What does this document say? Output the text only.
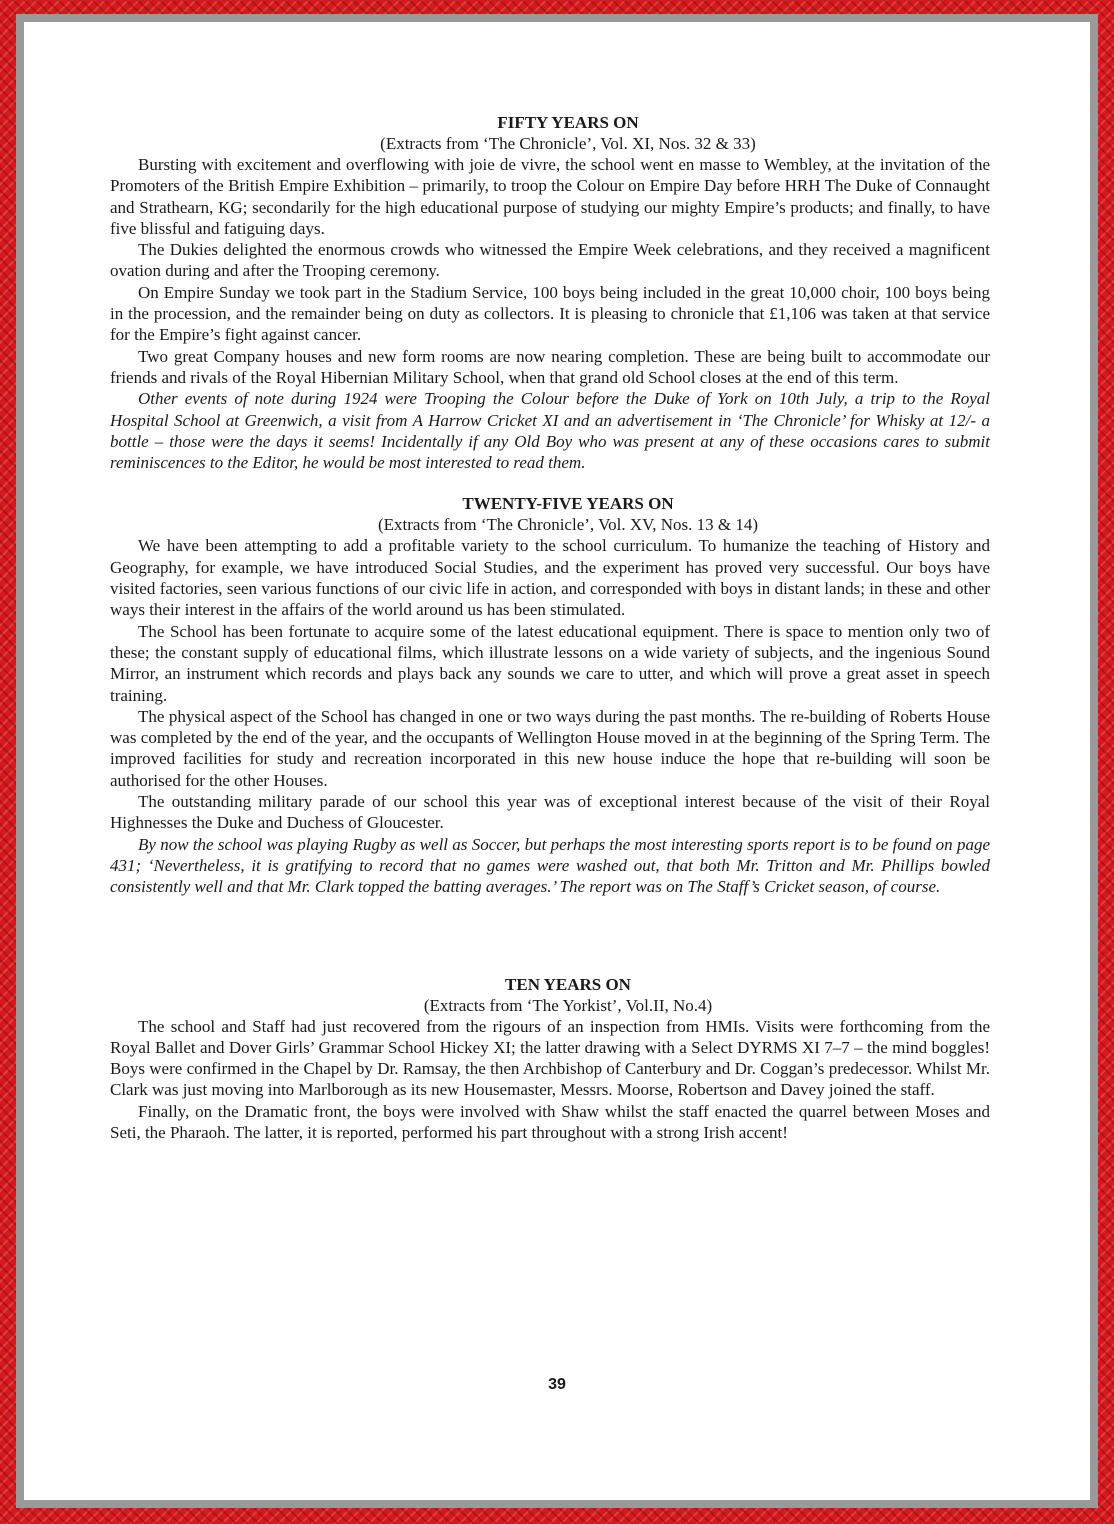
FIFTY YEARS ON
(Extracts from ‘The Chronicle’, Vol. XI, Nos. 32 & 33)

Bursting with excitement and overflowing with joie de vivre, the school went en masse to Wembley, at the invitation of the Promoters of the British Empire Exhibition – primarily, to troop the Colour on Empire Day before HRH The Duke of Connaught and Strathearn, KG; secondarily for the high educational purpose of studying our mighty Empire’s products; and finally, to have five blissful and fatiguing days.

The Dukies delighted the enormous crowds who witnessed the Empire Week celebrations, and they received a magnificent ovation during and after the Trooping ceremony.

On Empire Sunday we took part in the Stadium Service, 100 boys being included in the great 10,000 choir, 100 boys being in the procession, and the remainder being on duty as collectors. It is pleasing to chronicle that £1,106 was taken at that service for the Empire’s fight against cancer.

Two great Company houses and new form rooms are now nearing completion. These are being built to accommodate our friends and rivals of the Royal Hibernian Military School, when that grand old School closes at the end of this term.

Other events of note during 1924 were Trooping the Colour before the Duke of York on 10th July, a trip to the Royal Hospital School at Greenwich, a visit from A Harrow Cricket XI and an advertisement in ‘The Chronicle’ for Whisky at 12/- a bottle – those were the days it seems! Incidentally if any Old Boy who was present at any of these occasions cares to submit reminiscences to the Editor, he would be most interested to read them.

TWENTY-FIVE YEARS ON
(Extracts from ‘The Chronicle’, Vol. XV, Nos. 13 & 14)

We have been attempting to add a profitable variety to the school curriculum. To humanize the teaching of History and Geography, for example, we have introduced Social Studies, and the experiment has proved very successful. Our boys have visited factories, seen various functions of our civic life in action, and corresponded with boys in distant lands; in these and other ways their interest in the affairs of the world around us has been stimulated.

The School has been fortunate to acquire some of the latest educational equipment. There is space to mention only two of these; the constant supply of educational films, which illustrate lessons on a wide variety of subjects, and the ingenious Sound Mirror, an instrument which records and plays back any sounds we care to utter, and which will prove a great asset in speech training.

The physical aspect of the School has changed in one or two ways during the past months. The re-building of Roberts House was completed by the end of the year, and the occupants of Wellington House moved in at the beginning of the Spring Term. The improved facilities for study and recreation incorporated in this new house induce the hope that re-building will soon be authorised for the other Houses.

The outstanding military parade of our school this year was of exceptional interest because of the visit of their Royal Highnesses the Duke and Duchess of Gloucester.

By now the school was playing Rugby as well as Soccer, but perhaps the most interesting sports report is to be found on page 431; ‘Nevertheless, it is gratifying to record that no games were washed out, that both Mr. Tritton and Mr. Phillips bowled consistently well and that Mr. Clark topped the batting averages.’ The report was on The Staff’s Cricket season, of course.

TEN YEARS ON
(Extracts from ‘The Yorkist’, Vol.II, No.4)

The school and Staff had just recovered from the rigours of an inspection from HMIs. Visits were forthcoming from the Royal Ballet and Dover Girls’ Grammar School Hickey XI; the latter drawing with a Select DYRMS XI 7–7 – the mind boggles! Boys were confirmed in the Chapel by Dr. Ramsay, the then Archbishop of Canterbury and Dr. Coggan’s predecessor. Whilst Mr. Clark was just moving into Marlborough as its new Housemaster, Messrs. Moorse, Robertson and Davey joined the staff.

Finally, on the Dramatic front, the boys were involved with Shaw whilst the staff enacted the quarrel between Moses and Seti, the Pharaoh. The latter, it is reported, performed his part throughout with a strong Irish accent!

39
